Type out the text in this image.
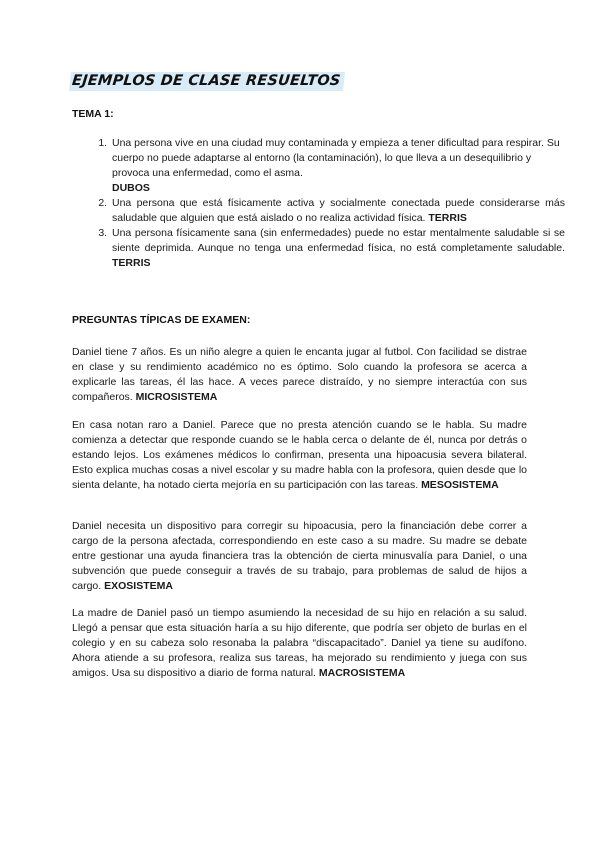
EJEMPLOS DE CLASE RESUELTOS
TEMA 1:
1. Una persona vive en una ciudad muy contaminada y empieza a tener dificultad para respirar. Su cuerpo no puede adaptarse al entorno (la contaminación), lo que lleva a un desequilibrio y provoca una enfermedad, como el asma.
DUBOS
2. Una persona que está físicamente activa y socialmente conectada puede considerarse más saludable que alguien que está aislado o no realiza actividad física. TERRIS
3. Una persona físicamente sana (sin enfermedades) puede no estar mentalmente saludable si se siente deprimida. Aunque no tenga una enfermedad física, no está completamente saludable. TERRIS
PREGUNTAS TÍPICAS DE EXAMEN:

Daniel tiene 7 años. Es un niño alegre a quien le encanta jugar al futbol. Con facilidad se distrae en clase y su rendimiento académico no es óptimo. Solo cuando la profesora se acerca a explicarle las tareas, él las hace. A veces parece distraído, y no siempre interactúa con sus compañeros. MICROSISTEMA

En casa notan raro a Daniel. Parece que no presta atención cuando se le habla. Su madre comienza a detectar que responde cuando se le habla cerca o delante de él, nunca por detrás o estando lejos. Los exámenes médicos lo confirman, presenta una hipoacusia severa bilateral. Esto explica muchas cosas a nivel escolar y su madre habla con la profesora, quien desde que lo sienta delante, ha notado cierta mejoría en su participación con las tareas. MESOSISTEMA

Daniel necesita un dispositivo para corregir su hipoacusia, pero la financiación debe correr a cargo de la persona afectada, correspondiendo en este caso a su madre. Su madre se debate entre gestionar una ayuda financiera tras la obtención de cierta minusvalía para Daniel, o una subvención que puede conseguir a través de su trabajo, para problemas de salud de hijos a cargo. EXOSISTEMA

La madre de Daniel pasó un tiempo asumiendo la necesidad de su hijo en relación a su salud. Llegó a pensar que esta situación haría a su hijo diferente, que podría ser objeto de burlas en el colegio y en su cabeza solo resonaba la palabra “discapacitado”. Daniel ya tiene su audífono. Ahora atiende a su profesora, realiza sus tareas, ha mejorado su rendimiento y juega con sus amigos. Usa su dispositivo a diario de forma natural. MACROSISTEMA
